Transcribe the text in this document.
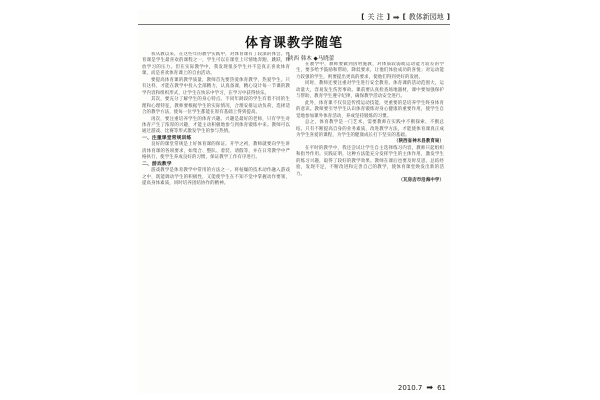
[ 关 注 ] ➡ [ 教体新园地 ]
体育课教学随笔
陕西 韩木 ◆马晓蕾

我从教以来，在这些年的教学实践中，对体育课有了较深的体会。体育课是学生最喜欢的课程之一，学生可以在课堂上尽情地奔跑、跳跃，释放学习的压力。但在实际教学中，我发现很多学生并不是真正喜欢体育课，而是喜欢体育课上的自由活动。

要提高体育课的教学质量，教师首先要热爱体育教学，热爱学生。只有这样，才能在教学中投入全部精力，认真备课，精心设计每一节课的教学内容和组织形式，让学生在快乐中学习，在学习中获得快乐。

其次，要充分了解学生的身心特点。不同年龄段的学生有着不同的生理和心理特征，教师要根据学生的实际情况，合理安排运动负荷，选择适合的教学方法，使每一位学生都能在原有基础上得到提高。

再次，要注重培养学生的体育兴趣。兴趣是最好的老师，只有学生对体育产生了浓厚的兴趣，才能主动积极地参与到体育锻炼中来。教师可以通过游戏、比赛等形式激发学生的参与热情。

一、注重课堂常规训练

良好的课堂常规是上好体育课的保证。开学之初，教师就要向学生讲清体育课的各项要求，如集合、整队、着装、请假等，并在日常教学中严格执行，使学生养成良好的习惯，保证教学工作有序进行。

二、游戏教学

游戏教学是体育教学中常用的方法之一。将枯燥的技术动作融入游戏之中，既能调动学生的积极性，又能使学生在不知不觉中掌握动作要领，提高身体素质，同时培养团结协作的精神。

在教学中，教师要做到因材施教，对体质较弱或运动能力较差的学生，要多给予鼓励和帮助，降低要求，让他们体验成功的喜悦；对运动能力较强的学生，则要提出更高的要求，使他们得到更好的发展。

同时，教师还要注重对学生进行安全教育。体育课的活动范围大，运动量大，容易发生伤害事故。课前要认真检查场地器材，课中要加强保护与帮助，教育学生遵守纪律，确保教学活动安全进行。

此外，体育课不仅仅是传授运动技能，更重要的是培养学生终身体育的意识。教师要引导学生认识体育锻炼对身心健康的重要作用，使学生自觉地参加课外体育活动，养成坚持锻炼的习惯。

总之，体育教学是一门艺术，需要教师在实践中不断探索、不断总结。只有不断提高自身的业务素质，改进教学方法，才能使体育课真正成为学生喜爱的课程，为学生的健康成长打下坚实的基础。

（陕西省神木县教育局）

在平时的教学中，我还尝试让学生自主选择练习内容，教师只起组织和指导作用。实践证明，这种方法能充分发挥学生的主体作用，激发学生的练习兴趣，取得了较好的教学效果。教师在课后也要及时反思，总结经验，发现不足，不断改进和完善自己的教学，使体育课堂焕发出新的活力。

（瓦房店市沿海中学）

2010.7 ➡ 61
